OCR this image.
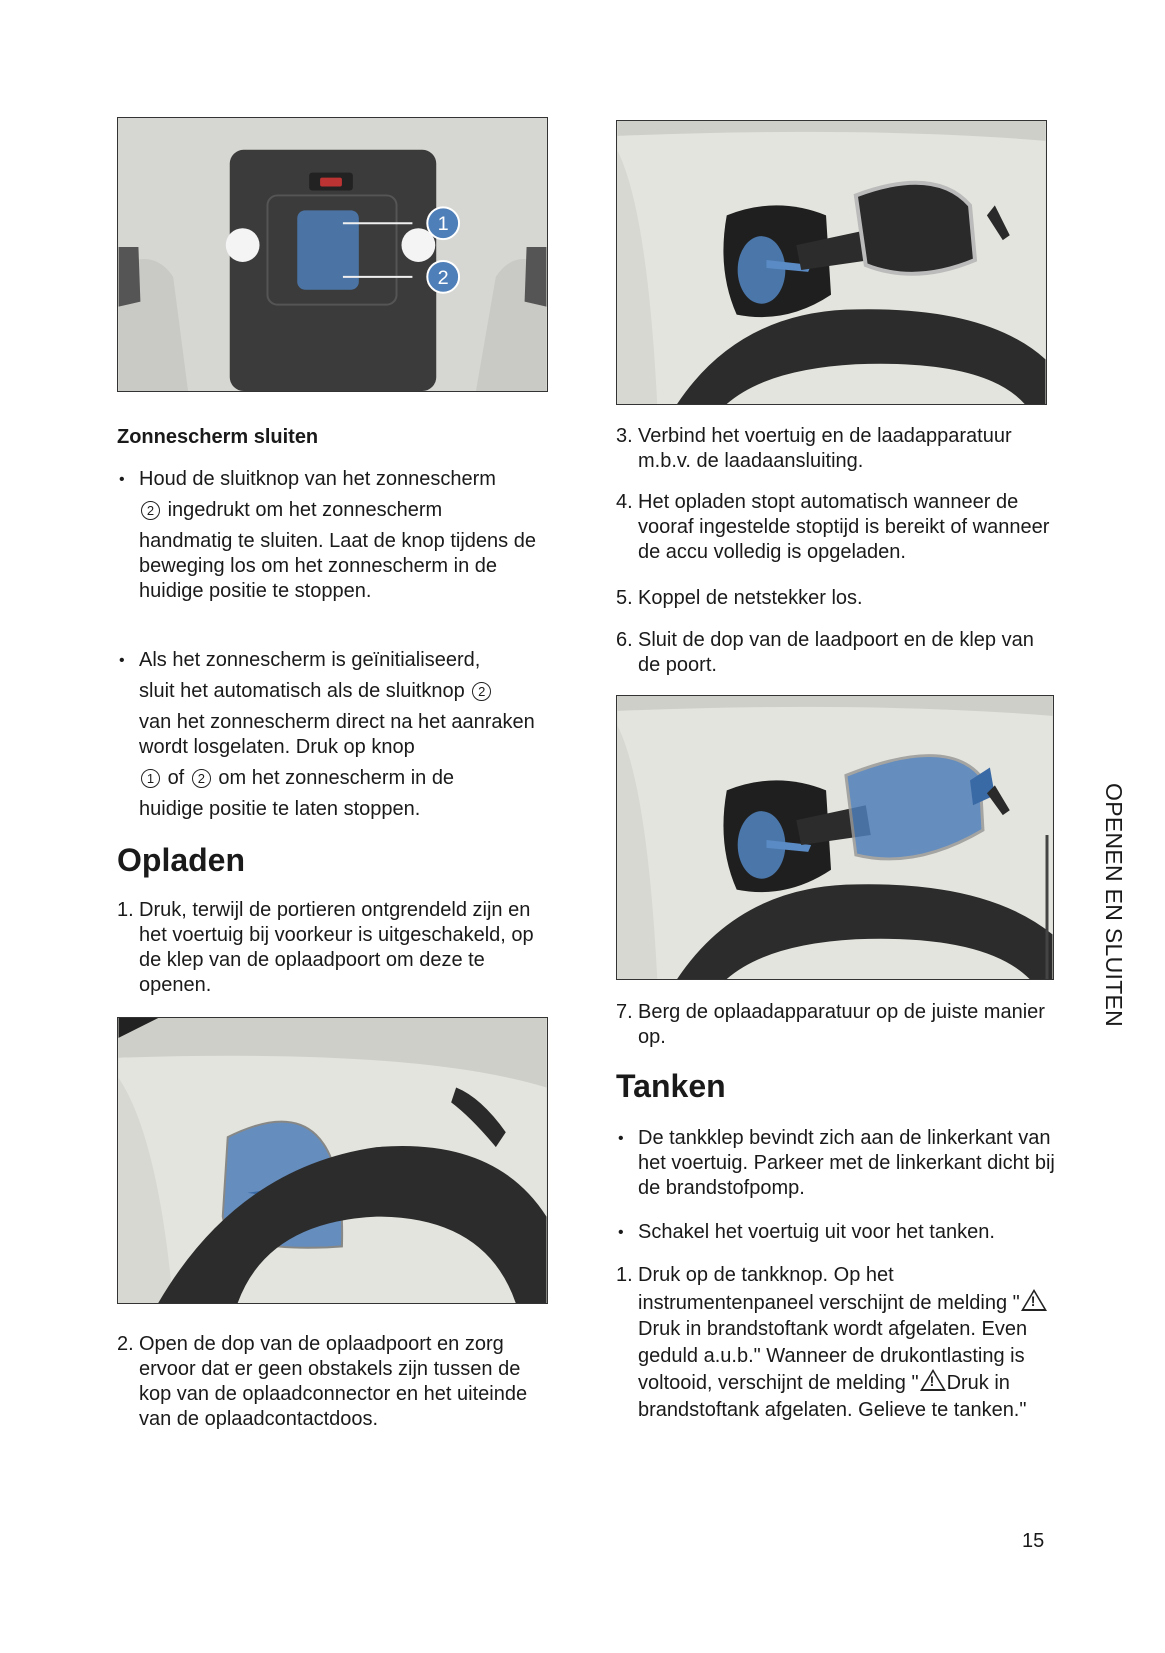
1
2
Zonnescherm sluiten
• Houd de sluitknop van het zonnescherm
2 ingedrukt om het zonnescherm
handmatig te sluiten. Laat de knop tijdens de beweging los om het zonnescherm in de huidige positie te stoppen.
• Als het zonnescherm is geïnitialiseerd,
sluit het automatisch als de sluitknop 2
van het zonnescherm direct na het aanraken wordt losgelaten. Druk op knop
1 of 2 om het zonnescherm in de
huidige positie te laten stoppen.
Opladen
1. Druk, terwijl de portieren ontgrendeld zijn en het voertuig bij voorkeur is uitgeschakeld, op de klep van de oplaadpoort om deze te openen.
2. Open de dop van de oplaadpoort en zorg ervoor dat er geen obstakels zijn tussen de kop van de oplaadconnector en het uiteinde van de oplaadcontactdoos.
3. Verbind het voertuig en de laadapparatuur m.b.v. de laadaansluiting.
4. Het opladen stopt automatisch wanneer de vooraf ingestelde stoptijd is bereikt of wanneer de accu volledig is opgeladen.
5. Koppel de netstekker los.
6. Sluit de dop van de laadpoort en de klep van de poort.
7. Berg de oplaadapparatuur op de juiste manier op.
Tanken
• De tankklep bevindt zich aan de linkerkant van het voertuig. Parkeer met de linkerkant dicht bij de brandstofpomp.
• Schakel het voertuig uit voor het tanken.
1. Druk op de tankknop. Op het instrumentenpaneel verschijnt de melding "!Druk in brandstoftank wordt afgelaten. Even geduld a.u.b." Wanneer de drukontlasting is voltooid, verschijnt de melding "! Druk in brandstoftank afgelaten. Gelieve te tanken."
OPENEN EN SLUITEN
15
